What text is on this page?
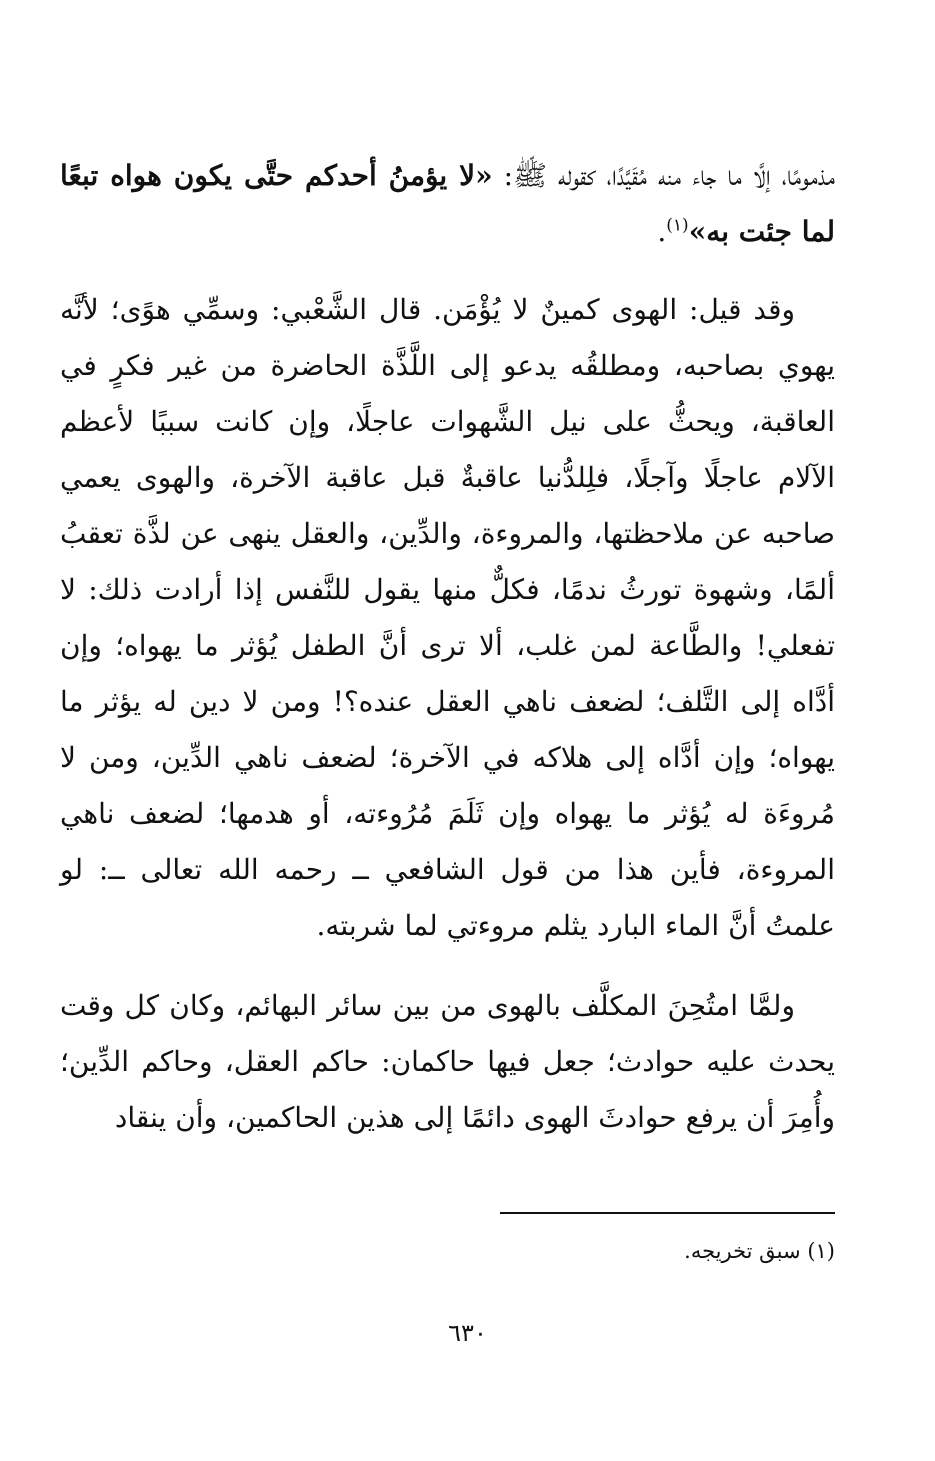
مذمومًا، إلَّا ما جاء منه مُقَيَّدًا، كقوله ﷺ: «لا يؤمنُ أحدكم حتَّى يكون هواه تبعًا لما جئت به»$^{(١)}$.

وقد قيل: الهوى كمينٌ لا يُؤْمَن. قال الشَّعْبي: وسمِّي هوًى؛ لأنَّه يهوي بصاحبه، ومطلقُه يدعو إلى اللَّذَّة الحاضرة من غير فكرٍ في العاقبة، ويحثُّ على نيل الشَّهوات عاجلًا، وإن كانت سببًا لأعظم الآلام عاجلًا وآجلًا، فلِلدُّنيا عاقبةٌ قبل عاقبة الآخرة، والهوى يعمي صاحبه عن ملاحظتها، والمروءة، والدِّين، والعقل ينهى عن لذَّة تعقبُ ألمًا، وشهوة تورثُ ندمًا، فكلٌّ منها يقول للنَّفس إذا أرادت ذلك: لا تفعلي! والطَّاعة لمن غلب، ألا ترى أنَّ الطفل يُؤثر ما يهواه؛ وإن أدَّاه إلى التَّلف؛ لضعف ناهي العقل عنده؟! ومن لا دين له يؤثر ما يهواه؛ وإن أدَّاه إلى هلاكه في الآخرة؛ لضعف ناهي الدِّين، ومن لا مُروءَة له يُؤثر ما يهواه وإن ثَلَمَ مُرُوءته، أو هدمها؛ لضعف ناهي المروءة، فأين هذا من قول الشافعي ــ رحمه الله تعالى ــ: لو علمتُ أنَّ الماء البارد يثلم مروءتي لما شربته.

ولمَّا امتُحِنَ المكلَّف بالهوى من بين سائر البهائم، وكان كل وقت يحدث عليه حوادث؛ جعل فيها حاكمان: حاكم العقل، وحاكم الدِّين؛ وأُمِرَ أن يرفع حوادثَ الهوى دائمًا إلى هذين الحاكمين، وأن ينقاد

(١) سبق تخريجه.
٦٣٠
